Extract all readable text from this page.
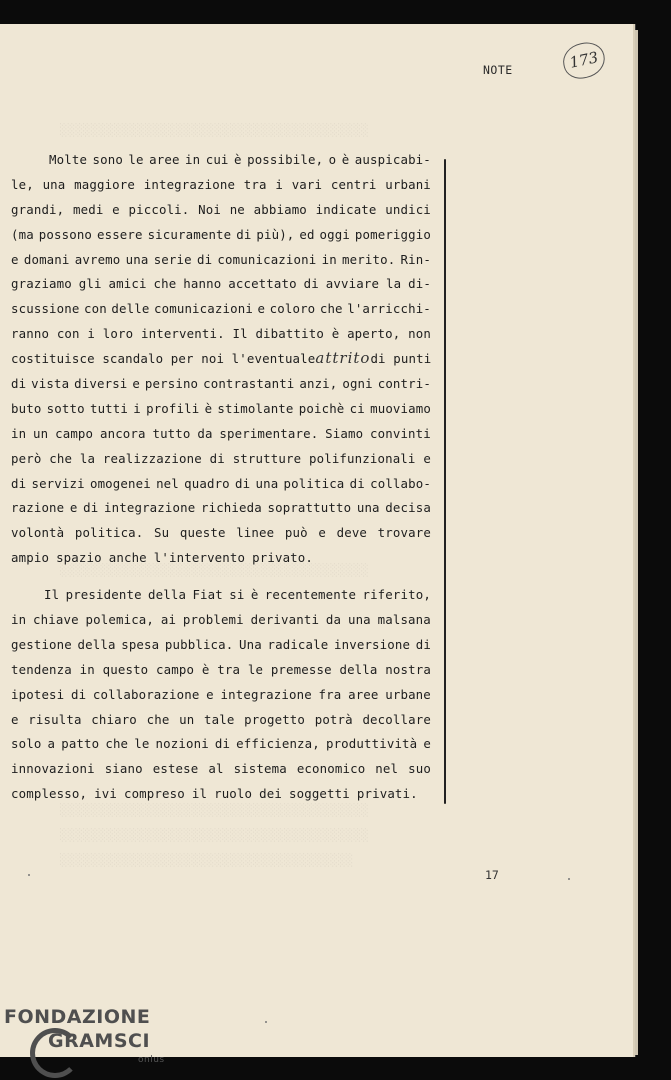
░░░░░░░░░░░░░░░░░░░░░░░░░░░░░░░░░░░░░░░░
░░░░░░░░░░░░░░░░░░░░░░░░░░░░░░░░░░░░░░░░
░░░░░░░░░░░░░░░░░░░░░░░░░░░░░░░░░░░░░░░░
░░░░░░░░░░░░░░░░░░░░░░░░░░░░░░░░░░░░░░░░
░░░░░░░░░░░░░░░░░░░░░░░░░░░░░░░░░░░░░░
NOTE	173
Molte sono le aree in cui è possibile, o è auspicabi-
le, una maggiore integrazione tra i vari centri urbani
grandi, medi e piccoli. Noi ne abbiamo indicate undici
(ma possono essere sicuramente di più), ed oggi pomeriggio
e domani avremo una serie di comunicazioni in merito. Rin-
graziamo gli amici che hanno accettato di avviare la di-
scussione con delle comunicazioni e coloro che l'arricchi-
ranno con i loro interventi. Il dibattito è aperto, non
costituisce scandalo per noi l'eventuale attrito di punti
di vista diversi e persino contrastanti anzi, ogni contri-
buto sotto tutti i profili è stimolante poichè ci muoviamo
in un campo ancora tutto da sperimentare. Siamo convinti
però che la realizzazione di strutture polifunzionali e
di servizi omogenei nel quadro di una politica di collabo-
razione e di integrazione richieda soprattutto una decisa
volontà politica. Su queste linee può e deve trovare
ampio spazio anche l'intervento privato.
Il presidente della Fiat si è recentemente riferito,
in chiave polemica, ai problemi derivanti da una malsana
gestione della spesa pubblica. Una radicale inversione di
tendenza in questo campo è tra le premesse della nostra
ipotesi di collaborazione e integrazione fra aree urbane
e risulta chiaro che un tale progetto potrà decollare
solo a patto che le nozioni di efficienza, produttività e
innovazioni siano estese al sistema economico nel suo
complesso, ivi compreso il ruolo dei soggetti privati.
17
FONDAZIONE
GRAMSCI
onlus
